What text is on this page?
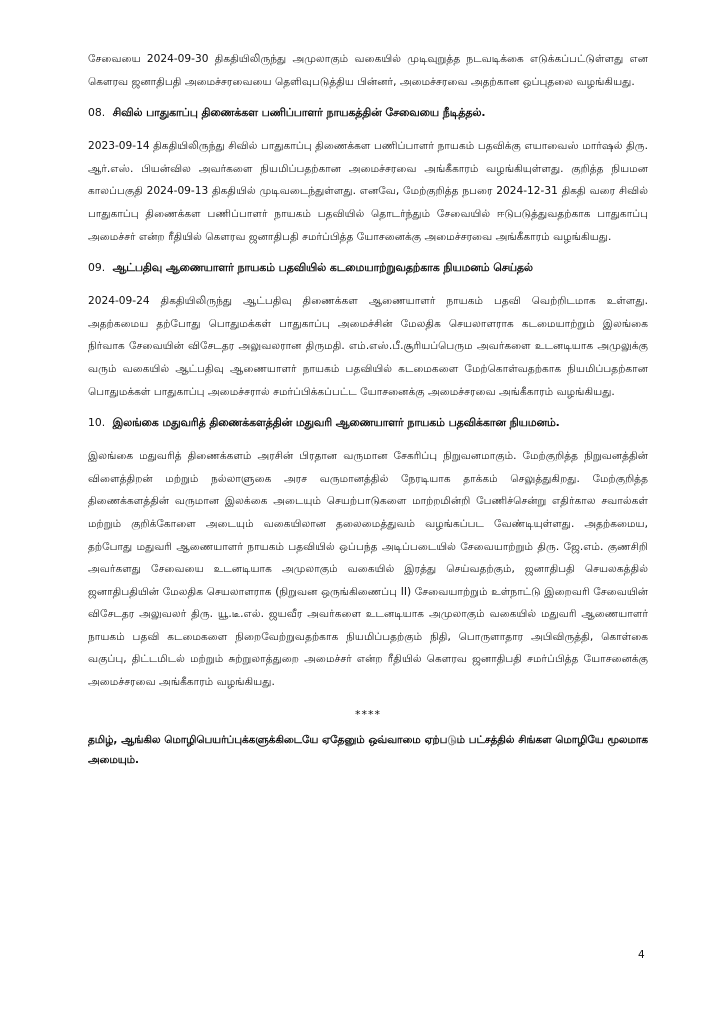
சேவையை 2024-09-30 திகதியிலிருந்து அமுலாகும் வகையில் முடிவுறுத்த நடவடிக்கை எடுக்கப்பட்டுள்ளது என கௌரவ ஜனாதிபதி அமைச்சரவையை தெளிவுபடுத்திய பின்னர், அமைச்சரவை அதற்கான ஒப்புதலை வழங்கியது.

08. சிவில் பாதுகாப்பு திணைக்கள பணிப்பாளர் நாயகத்தின் சேவையை நீடித்தல்.

2023-09-14 திகதியிலிருந்து சிவில் பாதுகாப்பு திணைக்கள பணிப்பாளர் நாயகம் பதவிக்கு எயாவைஸ் மார்ஷல் திரு. ஆர்.எஸ். பியன்வில அவர்களை நியமிப்பதற்கான அமைச்சரவை அங்கீகாரம் வழங்கியுள்ளது. குறித்த நியமன காலப்பகுதி 2024-09-13 திகதியில் முடிவடைந்துள்ளது. எனவே, மேற்குறித்த நபரை 2024-12-31 திகதி வரை சிவில் பாதுகாப்பு திணைக்கள பணிப்பாளர் நாயகம் பதவியில் தொடர்ந்தும் சேவையில் ஈடுபடுத்துவதற்காக பாதுகாப்பு அமைச்சர் என்ற ரீதியில் கௌரவ ஜனாதிபதி சமர்ப்பித்த யோசனைக்கு அமைச்சரவை அங்கீகாரம் வழங்கியது.

09. ஆட்பதிவு ஆணையாளர் நாயகம் பதவியில் கடமையாற்றுவதற்காக நியமனம் செய்தல்

2024-09-24 திகதியிலிருந்து ஆட்பதிவு திணைக்கள ஆணையாளர் நாயகம் பதவி வெற்றிடமாக உள்ளது. அதற்கமைய தற்போது பொதுமக்கள் பாதுகாப்பு அமைச்சின் மேலதிக செயலாளராக கடமையாற்றும் இலங்கை நிர்வாக சேவையின் விசேடதர அலுவலரான திருமதி. எம்.எஸ்.பீ.சூரியப்பெரும அவர்களை உடனடியாக அமுலுக்கு வரும் வகையில் ஆட்பதிவு ஆணையாளர் நாயகம் பதவியில் கடமைகளை மேற்கொள்வதற்காக நியமிப்பதற்கான பொதுமக்கள் பாதுகாப்பு அமைச்சரால் சமர்ப்பிக்கப்பட்ட யோசனைக்கு அமைச்சரவை அங்கீகாரம் வழங்கியது.

10. இலங்கை மதுவரித் திணைக்களத்தின் மதுவரி ஆணையாளர் நாயகம் பதவிக்கான நியமனம்.

இலங்கை மதுவரித் திணைக்களம் அரசின் பிரதான வருமான சேகரிப்பு நிறுவனமாகும். மேற்குறித்த நிறுவனத்தின் விளைத்திறன் மற்றும் நல்லாளுகை அரச வருமானத்தில் நேரடியாக தாக்கம் செலுத்துகிறது. மேற்குறித்த திணைக்களத்தின் வருமான இலக்கை அடையும் செயற்பாடுகளை மாற்றமின்றி பேணிச்சென்று எதிர்கால சவால்கள் மற்றும் குறிக்கோளை அடையும் வகையிலான தலைமைத்துவம் வழங்கப்பட வேண்டியுள்ளது. அதற்கமைய, தற்போது மதுவரி ஆணையாளர் நாயகம் பதவியில் ஒப்பந்த அடிப்படையில் சேவையாற்றும் திரு. ஜே.எம். குணசிறி அவர்களது சேவையை உடனடியாக அமுலாகும் வகையில் இரத்து செய்வதற்கும், ஜனாதிபதி செயலகத்தில் ஜனாதிபதியின் மேலதிக செயலாளராக (நிறுவன ஒருங்கிணைப்பு II) சேவையாற்றும் உள்நாட்டு இறைவரி சேவையின் விசேடதர அலுவலர் திரு. யூ.டீ.எல். ஜயவீர அவர்களை உடனடியாக அமுலாகும் வகையில் மதுவரி ஆணையாளர் நாயகம் பதவி கடமைகளை நிறைவேற்றுவதற்காக நியமிப்பதற்கும் நிதி, பொருளாதார அபிவிருத்தி, கொள்கை வகுப்பு, திட்டமிடல் மற்றும் சுற்றுலாத்துறை அமைச்சர் என்ற ரீதியில் கௌரவ ஜனாதிபதி சமர்ப்பித்த யோசனைக்கு அமைச்சரவை அங்கீகாரம் வழங்கியது.

****

தமிழ், ஆங்கில மொழிபெயர்ப்புக்களுக்கிடையே ஏதேனும் ஒவ்வாமை ஏற்படும் பட்சத்தில் சிங்கள மொழியே மூலமாக அமையும்.

4
